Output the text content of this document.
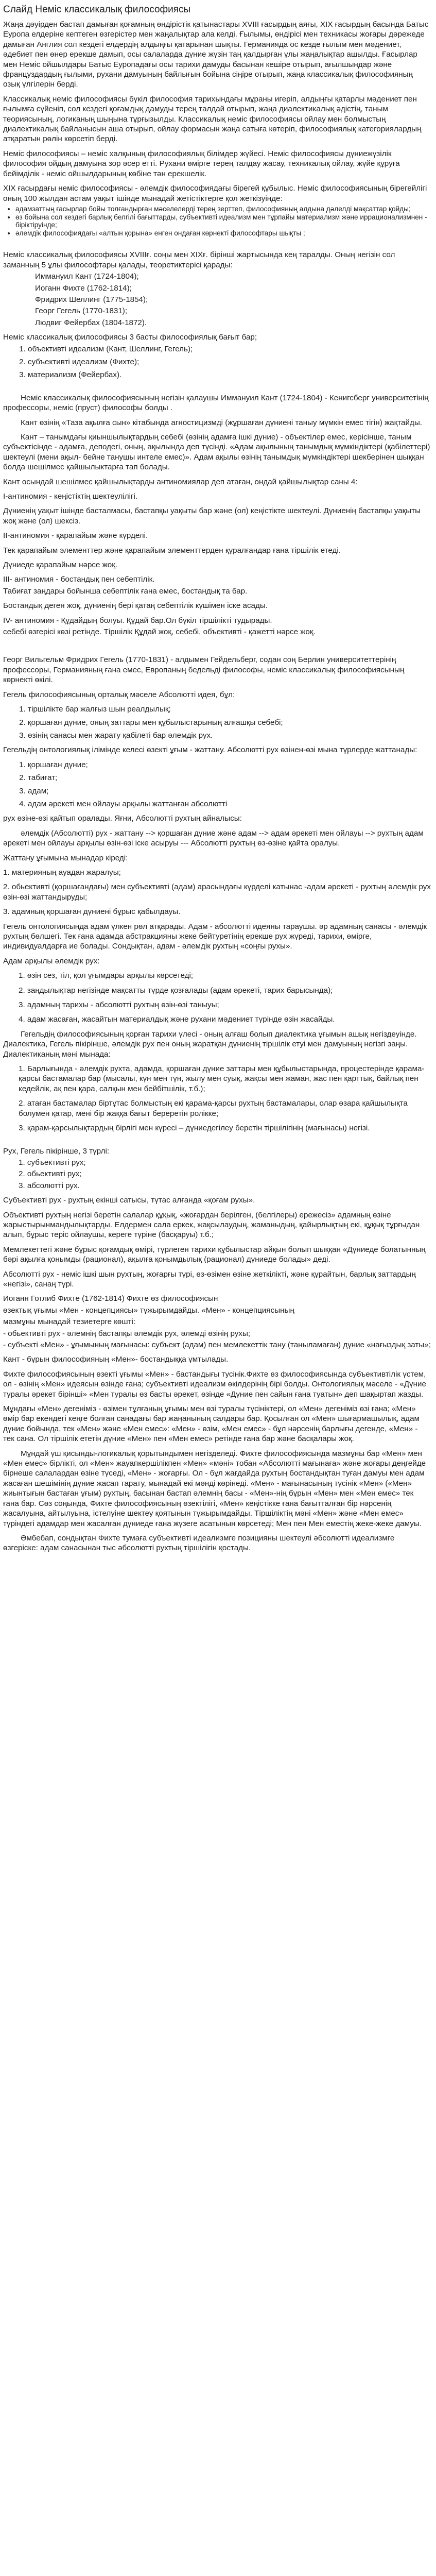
Слайд Неміс классикалық философиясы

Жаңа дәуірден бастап дамыған қоғамның өндірістік қатынастары XVIII ғасырдың аяғы, XIX ғасырдың басында Батыс Еуропа елдеріне кептеген өзгерістер мен жаңалықтар ала келді. Ғылымы, өндірісі мен техникасы жоғары дәрежеде дамыған Англия сол кездегі елдердің алдыңғы қатарынан шықты. Германияда ос кезде ғылым мен мәдениет, әдебиет пен өнер ерекше дамып, осы салаларда дүние жүзін таң қалдырған ұлы жаңалықтар ашылды. Ғасырлар мен Неміс ойшылдары Батыс Еуропадағы осы тарихи дамуды басынан кешіре отырып, ағылшындар және француздардың ғылыми, рухани дамуының байлығын бойына сіңіре отырып, жаңа классикалық философияның озық үлгілерін берді.

Классикалық неміс философиясы бүкіл философия тарихындағы мұраны игеріп, алдыңғы қатарлы мәдениет пен ғылымға сүйеніп, сол кездегі қоғамдық дамуды терең талдай отырып, жаңа диалектикалық әдістің, таным теориясының, логиканың шыңына тұрғызылды. Классикалық неміс философиясы ойлау мен болмыстың диалектикалық байланысын аша отырып, ойлау формасын жаңа сатыға көтеріп, философиялық категориялардың атқаратын рөлін көрсетіп берді.

Неміс философиясы – неміс халқының философиялық білімдер жүйесі. Неміс философиясы дүниежүзілік философия ойдың дамуына зор әсер етті. Рухани өмірге терең талдау жасау, техникалық ойлау, жүйе құруға бейімділік - неміс ойшылдарының көбіне тән ерекшелік.

XIX ғасырдағы неміс философиясы - әлемдік философиядағы бірегей құбылыс. Неміс философиясының бірегейлігі оның 100 жылдан астам уақыт ішінде мынадай жетістіктерге қол жеткізуінде:

• адамзаттың ғасырлар бойы толғандырған мәселелерді терең зерттеп, философияның алдына дәлелді мақсаттар қойды;
• өз бойына сол кездегі барлық белгілі бағыттарды, субъективті идеализм мен тұрпайы материализм және иррационализмнен - біріктіруінде;
• әлемдік философиядағы «алтын қорына» енген ондаған көрнекті философтары шықты ;

Неміс классикалық философиясы XVIIIғ. соңы мен XIXғ. бірінші жартысында кең таралды. Оның негізін сол заманның 5 ұлы философтары қалады, теоретиктерісі қарады:

Иммануил Кант (1724-1804);

Иоганн Фихте (1762-1814);

Фридрих Шеллинг (1775-1854);

Георг Гегель (1770-1831);

Людвиг Фейербах (1804-1872).

Неміс классикалық философиясы 3 басты философиялық бағыт бар;

1. объективті идеализм (Кант, Шеллинг, Гегель);
2. субъективті идеализм (Фихте);
3. материализм (Фейербах).

Неміс классикалық философиясының негізін қалаушы Иммануил Кант (1724-1804) - Кенигсберг университетінің профессоры, неміс (пруст) философы болды .

Кант өзінің «Таза ақылға сын» кітабында агностицизмді (жұршаған дүниені таныу мүмкін емес тігін) жақтайды.

Кант – танымдағы қиыншылықтардың себебі (өзінің адамға ішкі дүние) - объектілер емес, керісінше, таным субъектісінде - адамға, деподегі, оның, ақылында деп түсінді. «Адам ақылының танымдық мүмкіндіктері (қабілеттері) шектеулі (мени ақыл- бейне танушы интеле емес)». Адам ақылы өзінің танымдық мүмкіндіктері шекберінен шыққан болда шешілмес қайшылыктарға тап болады.

Кант осындай шешілмес қайшылықтарды антиномиялар деп атаған, ондай қайшылықтар саны 4:

I-антиномия - кеңістіктің шектеулілігі.

Дүниенің уақыт ішінде басталмасы, бастапқы уақыты бар және (ол) кеңістікте шектеулі. Дүниенің бастапқы уақыты жоқ және (ол) шексіз.

II-антиномия - қарапайым және күрделі.

Тек қарапайым элементтер және қарапайым элементтерден құралғандар ғана тіршілік етеді.

Дүниеде қарапайым нәрсе жоқ.

III- антиномия - бостандық пен себептілік.

Табиғат заңдары бойынша себептілік ғана емес, бостандық та бар.

Бостандық деген жоқ, дүниенің бері қатаң себептілік күшімен іске асады.

IV- антиномия - Құдайдың болуы. Құдай бар.Ол бүкіл тіршілікті тудырады.

себебі өзгерісі көзі ретінде. Тіршілік Құдай жоқ, себебі, объективті - қажетті нәрсе жоқ.

Георг Вильгельм Фридрих Гегель (1770-1831) - алдымен Гейдельберг, содан соң Берлин университеттерінің профессоры, Германияның ғана емес, Европаның бедельді философы, неміс классикалық философиясының көрнекті өкілі.

Гегель философиясының орталық мәселе Абсолютті идея, бұл:

1. тіршілікте бар жалғыз шын реалдылық;
2. қоршаған дүние, оның заттары мен құбылыстарының алғашқы себебі;
3. өзінің санасы мен жарату қабілеті бар әлемдік рух.

Гегельдің онтологиялық ілімінде келесі өзекті ұғым - жаттану. Абсолютті рух өзінен-өзі мына түрлерде жаттанады:

1. қоршаған дүние;
2. табиғат;
3. адам;
4. адам әрекеті мен ойлауы арқылы жаттанған абсолютті

рух өзіне-өзі қайтып оралады. Яғни, Абсолютті рухтың айналысы:

әлемдік (Абсолютті) рух - жаттану --> қоршаған дүние және адам --> адам әрекеті мен ойлауы --> рухтың адам әрекеті мен ойлауы арқылы өзін-өзі іске асыруы --- Абсолютті рухтың өз-өзіне қайта оралуы.

Жаттану ұғымына мынадар кіреді:

1. материяның ауадан жаралуы;

2. обьективті (қоршағандағы) мен субъективті (адам) арасындағы күрделі катынас -адам әрекеті - рухтың әлемдік рух өзін-өзі жаттандыруды;

3. адамның қоршаған дүниені бұрыс қабылдауы.

Гегель онтологиясында адам үлкен рөл атқарады. Адам - абсолютті идеяны тараушы. әр адамның санасы - әлемдік рухтың бөлшегі. Тек ғана адамда абстракцияны жеке бейтуретінің ерекше рух жүреді, тарихи, өмірге, индивидуалдарға ие болады. Сондықтан, адам - әлемдік рухтың «соңғы рухы».

Адам арқылы әлемдік рух:

1. өзін сез, тіл, қол ұғымдары арқылы көрсетеді;

2. заңдылықтар негізінде мақсатты түрде қозғалады (адам әрекеті, тарих барысында);

3. адамның тарихы - абсолютті рухтың өзін-өзі таныуы;

4. адам жасаған, жасайтын материалдық және рухани мәдениет түрінде өзін жасайды.

Гегельдің философиясының қорған тарихи үлесі - оның алғаш болып диалектика ұғымын ашық негіздеуінде. Диалектика, Гегель пікірінше, әлемдік рух пен оның жаратқан дүниенің тіршілік етуі мен дамуының негізгі заңы. Диалектиканың мәні мынада:

1. Барлығында - әлемдік рухта, адамда, қоршаған дүние заттары мен құбылыстарында, процестерінде қарама-қарсы бастамалар бар (мысалы, күн мен түн, жылу мен суық, жақсы мен жаман, жас пен қарттық, байлық пен кедейлік, ақ пен қара, салқын мен бейбітшілік, т.б.);

2. атаған бастамалар біртұтас болмыстың екі қарама-қарсы рухтың бастамалары, олар өзара қайшылықта болумен қатар, мені бір жаққа бағыт береретін ролікке;

3. қарам-қарсылықтардың бірлігі мен күресі – дүниедегілеу беретін тіршілігінің (мағынасы) негізі.

Рух, Гегель пікірінше, 3 түрлі:

1. субъективті рух;

2. обьективті рух;

3. абсолютті рух.

Субъективті рух - рухтың екінші сатысы, түтас алғанда «қоғам рухы».

Объективті рухтың негізі беретін салалар құқық, «жоғардан берілген, (белгілеры) ережесіз» адамның өзіне жарыстырынмандылықтарды. Елдермен сала еркек, жақсылаудың, жаманыдың, қайырлықтың екі, құқық тұрғыдан алып, бұрыс теріс ойлаушы, кереге түріне (басқаруы) т.б.;

Мемлекеттегі және бұрыс қоғамдық өмірі, түрлеген тарихи құбылыстар айқын болып шыққан «Дүниеде болатынның бәрі ақылға қонымды (рационал), ақылға қонымдылық (рационал) дүниеде болады» деді.

Абсолютті рух - неміс ішкі шын рухтың, жоғарғы түрі, өз-өзімен өзіне жеткілікті, және құрайтын, барлық заттардың «негізі», санаң түрі.

Иоганн Готлиб Фихте (1762-1814) Фихте өз философиясын

өзектық ұғымы «Мен - концепциясы» тұжырымдайды. «Мен» - концепциясының

мазмұны мынадай тезиетерге көшті:

- обьективті рух - әлемнің бастапқы әлемдік рух, әлемді өзінің рухы;

- субъекті «Мен» - ұғымының мағынасы: субъект (адам) пен мемлекеттік тану (таныламаған) дүние «нағыздық заты»;

Кант - бұрын философияның «Мен»- бостандыққа ұмтылады.

Фихте философиясының өзекті ұғымы «Мен» - бастандығы тусінік.Фихте өз философиясында субъективтілік үстем, ол - өзінің «Мен» идеясын өзінде ғана; субъективті идеализм өкілдерінің бірі болды. Онтологиялық мәселе - «Дүние туралы әрекет бірінші» «Мен туралы өз басты әрекет, өзінде «Дүние пен сайын ғана туатын» деп шақыртап жазды.

Мұндағы «Мен» дегеніміз - өзімен тұлғаның ұғымы мен өзі туралы түсініктері, ол «Мен» дегеніміз өзі ғана; «Мен» өмір бар екендегі кеңге болған санадағы бар жаңанының салдары бар. Қосылған ол «Мен» шығармашылық, адам дүние бойында, тек «Мен» және «Мен емес»: «Мен» - өзім, «Мен емес» - бұл нәрсенің барлығы дегенде, «Мен» - тек сана. Ол тіршілік ететін дүние «Мен» пен «Мен емес» ретінде ғана бар және басқалары жоқ.

Мұндай үш қисынды-логикалық қорытындымен негізделеді. Фихте философиясында мазмұны бар «Мен» мен «Мен емес» бірлікті, ол «Мен» жауапкершілікпен «Мен» «мәні» тобан «Абсолютті мағынаға» және жоғары деңгейде бірнеше салалардан өзіне түседі, «Мен» - жоғарғы. Ол - бұл жағдайда рухтың бостандықтан туған дамуы мен адам жасаған шешімінің дүние жасап тарату, мынадай екі мәнді көрінеді. «Мен» - мағынасының түсінік «Мен» («Мен» жиынтығын бастаған ұғым) рухтың, басынан бастап әлемнің басы - «Мен»-нің бұрын «Мен» мен «Мен емес» тек ғана бар. Сөз соңында, Фихте философиясының өзектілігі, «Мен» кеңістікке ғана бағытталған бір нәрсенің жасалуына, айтылуына, істелуіне шектеу қоятынын тұжырымдайды. Тіршіліктің мәні «Мен» және «Мен емес» түріндегі адамдар мен жасалған дүниеде ғана жүзеге асатынын көрсетеді; Мен пен Мен еместің жеке-жеке дамуы.

Әмбебап, сондықтан Фихте тумаға субъективті идеализмге позицияны шектеулі әбсолютті идеализмге өзгеріске: адам санасынан тыс әбсолютті рухтың тіршілігін қостады.
